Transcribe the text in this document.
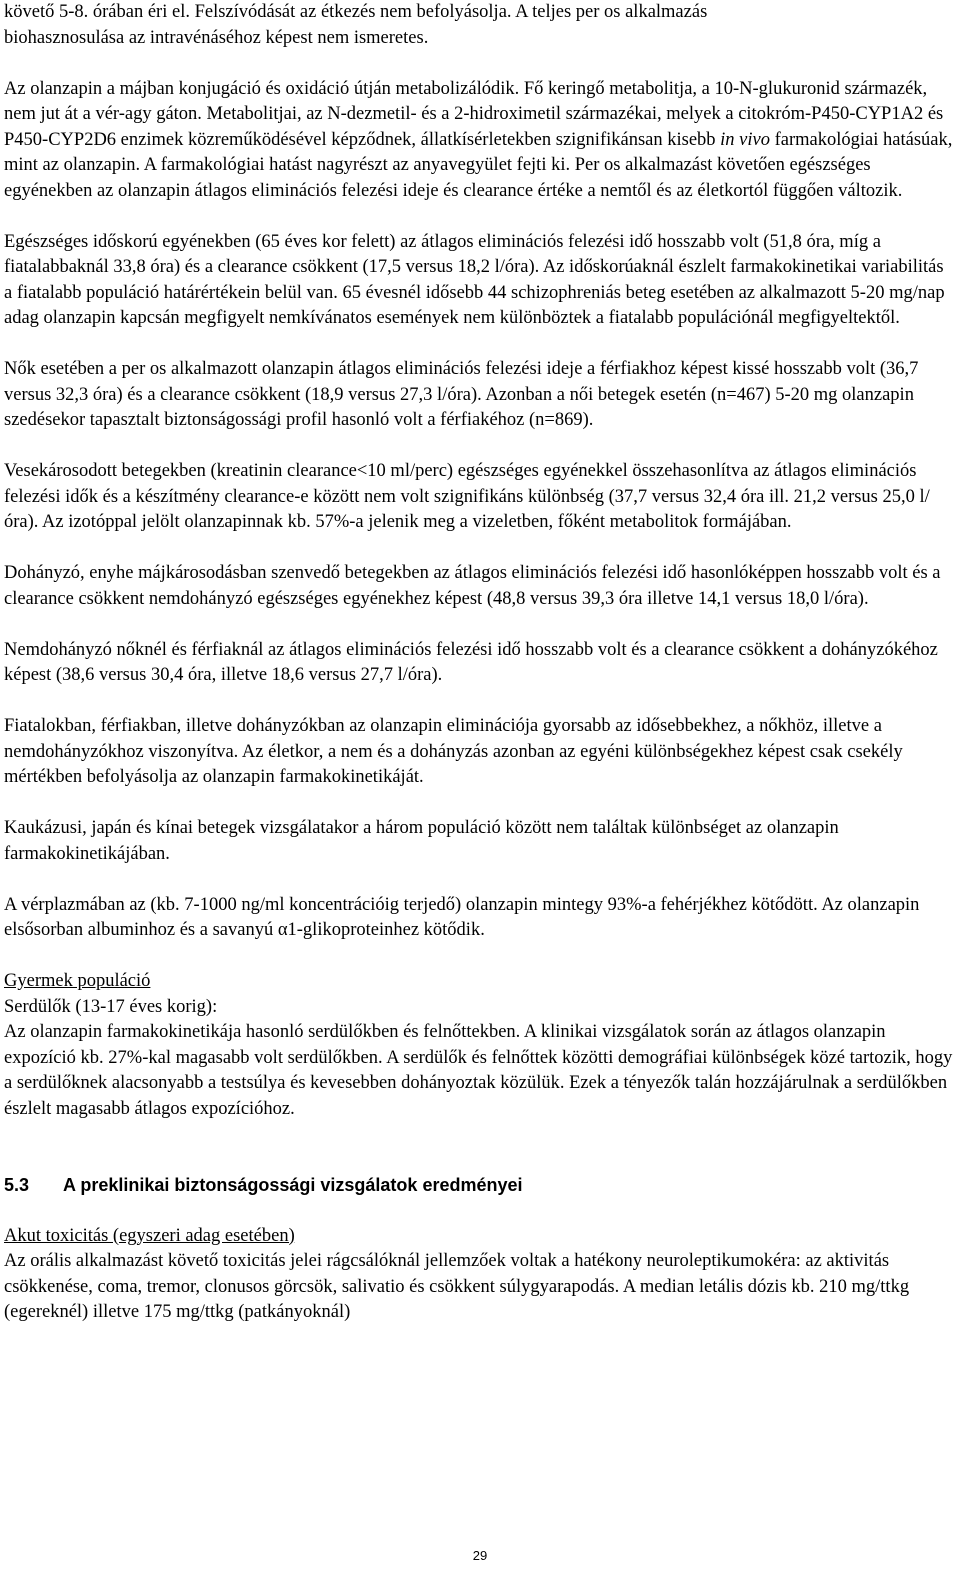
követő 5-8. órában éri el. Felszívódását az étkezés nem befolyásolja. A teljes per os alkalmazás
biohasznosulása az intravénáséhoz képest nem ismeretes.

Az olanzapin a májban konjugáció és oxidáció útján metabolizálódik. Fő keringő metabolitja, a 10-N-glukuronid származék, nem jut át a vér-agy gáton. Metabolitjai, az N-dezmetil- és a 2-hidroximetil származékai, melyek a citokróm-P450-CYP1A2 és P450-CYP2D6 enzimek közreműködésével képződnek, állatkísérletekben szignifikánsan kisebb in vivo farmakológiai hatásúak, mint az olanzapin. A farmakológiai hatást nagyrészt az anyavegyület fejti ki. Per os alkalmazást követően egészséges egyénekben az olanzapin átlagos eliminációs felezési ideje és clearance értéke a nemtől és az életkortól függően változik.

Egészséges időskorú egyénekben (65 éves kor felett) az átlagos eliminációs felezési idő hosszabb volt (51,8 óra, míg a fiatalabbaknál 33,8 óra) és a clearance csökkent (17,5 versus 18,2 l/óra). Az időskorúaknál észlelt farmakokinetikai variabilitás a fiatalabb populáció határértékein belül van. 65 évesnél idősebb 44 schizophreniás beteg esetében az alkalmazott 5-20 mg/nap adag olanzapin kapcsán megfigyelt nemkívánatos események nem különböztek a fiatalabb populációnál megfigyeltektől.

Nők esetében a per os alkalmazott olanzapin átlagos eliminációs felezési ideje a férfiakhoz képest kissé hosszabb volt (36,7 versus 32,3 óra) és a clearance csökkent (18,9 versus 27,3 l/óra). Azonban a női betegek esetén (n=467) 5-20 mg olanzapin szedésekor tapasztalt biztonságossági profil hasonló volt a férfiakéhoz (n=869).

Vesekárosodott betegekben (kreatinin clearance<10 ml/perc) egészséges egyénekkel összehasonlítva az átlagos eliminációs felezési idők és a készítmény clearance-e között nem volt szignifikáns különbség (37,7 versus 32,4 óra ill. 21,2 versus 25,0 l/óra). Az izotóppal jelölt olanzapinnak kb. 57%-a jelenik meg a vizeletben, főként metabolitok formájában.

Dohányzó, enyhe májkárosodásban szenvedő betegekben az átlagos eliminációs felezési idő hasonlóképpen hosszabb volt és a clearance csökkent nemdohányzó egészséges egyénekhez képest (48,8 versus 39,3 óra illetve 14,1 versus 18,0 l/óra).

Nemdohányzó nőknél és férfiaknál az átlagos eliminációs felezési idő hosszabb volt és a clearance csökkent a dohányzókéhoz képest (38,6 versus 30,4 óra, illetve 18,6 versus 27,7 l/óra).

Fiatalokban, férfiakban, illetve dohányzókban az olanzapin eliminációja gyorsabb az idősebbekhez, a nőkhöz, illetve a nemdohányzókhoz viszonyítva. Az életkor, a nem és a dohányzás azonban az egyéni különbségekhez képest csak csekély mértékben befolyásolja az olanzapin farmakokinetikáját.

Kaukázusi, japán és kínai betegek vizsgálatakor a három populáció között nem találtak különbséget az olanzapin farmakokinetikájában.

A vérplazmában az (kb. 7-1000 ng/ml koncentrációig terjedő) olanzapin mintegy 93%-a fehérjékhez kötődött. Az olanzapin elsősorban albuminhoz és a savanyú α1-glikoproteinhez kötődik.

Gyermek populáció

Serdülők (13-17 éves korig):

Az olanzapin farmakokinetikája hasonló serdülőkben és felnőttekben. A klinikai vizsgálatok során az átlagos olanzapin expozíció kb. 27%-kal magasabb volt serdülőkben. A serdülők és felnőttek közötti demográfiai különbségek közé tartozik, hogy a serdülőknek alacsonyabb a testsúlya és kevesebben dohányoztak közülük. Ezek a tényezők talán hozzájárulnak a serdülőkben észlelt magasabb átlagos expozícióhoz.

5.3 A preklinikai biztonságossági vizsgálatok eredményei

Akut toxicitás (egyszeri adag esetében)

Az orális alkalmazást követő toxicitás jelei rágcsálóknál jellemzőek voltak a hatékony neuroleptikumokéra: az aktivitás csökkenése, coma, tremor, clonusos görcsök, salivatio és csökkent súlygyarapodás. A median letális dózis kb. 210 mg/ttkg (egereknél) illetve 175 mg/ttkg (patkányoknál)

29
